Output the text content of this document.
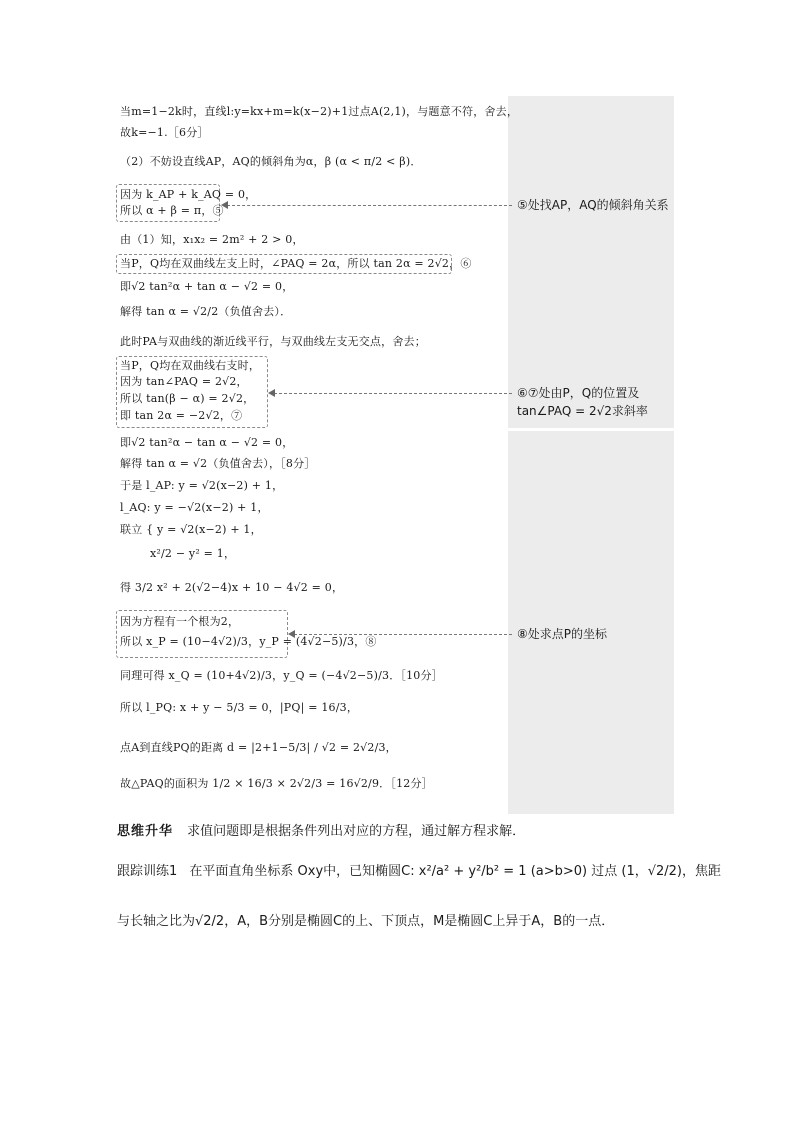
当m=1−2k时，直线l:y=kx+m=k(x−2)+1过点A(2,1)，与题意不符，舍去，
故k=−1.［6分］
（2）不妨设直线AP，AQ的倾斜角为α，β (α < π/2 < β)．
因为 k_AP + k_AQ = 0，
所以 α + β = π，⑤
由（1）知，x₁x₂ = 2m² + 2 > 0，
当P，Q均在双曲线左支上时，∠PAQ = 2α，所以 tan 2α = 2√2，⑥
即√2 tan²α + tan α − √2 = 0，
解得 tan α = √2/2（负值舍去）．
此时PA与双曲线的渐近线平行，与双曲线左支无交点，舍去；
当P，Q均在双曲线右支时，
因为 tan∠PAQ = 2√2，
所以 tan(β − α) = 2√2，
即 tan 2α = −2√2，⑦
即√2 tan²α − tan α − √2 = 0，
解得 tan α = √2（负值舍去），［8分］
于是 l_AP: y = √2(x−2) + 1，
l_AQ: y = −√2(x−2) + 1，
联立 { y = √2(x−2) + 1，
x²/2 − y² = 1，
得 3/2 x² + 2(√2−4)x + 10 − 4√2 = 0，
因为方程有一个根为2，
所以 x_P = (10−4√2)/3，y_P = (4√2−5)/3，⑧
同理可得 x_Q = (10+4√2)/3，y_Q = (−4√2−5)/3．［10分］
所以 l_PQ: x + y − 5/3 = 0，|PQ| = 16/3，
点A到直线PQ的距离 d = |2+1−5/3| / √2 = 2√2/3，
故△PAQ的面积为 1/2 × 16/3 × 2√2/3 = 16√2/9．［12分］
⑤处找AP，AQ的倾斜角关系
⑥⑦处由P，Q的位置及
tan∠PAQ = 2√2求斜率
⑧处求点P的坐标
思维升华 求值问题即是根据条件列出对应的方程，通过解方程求解．
跟踪训练1 在平面直角坐标系 Oxy中，已知椭圆C: x²/a² + y²/b² = 1 (a>b>0) 过点 (1，√2/2)，焦距
与长轴之比为√2/2，A，B分别是椭圆C的上、下顶点，M是椭圆C上异于A，B的一点．
